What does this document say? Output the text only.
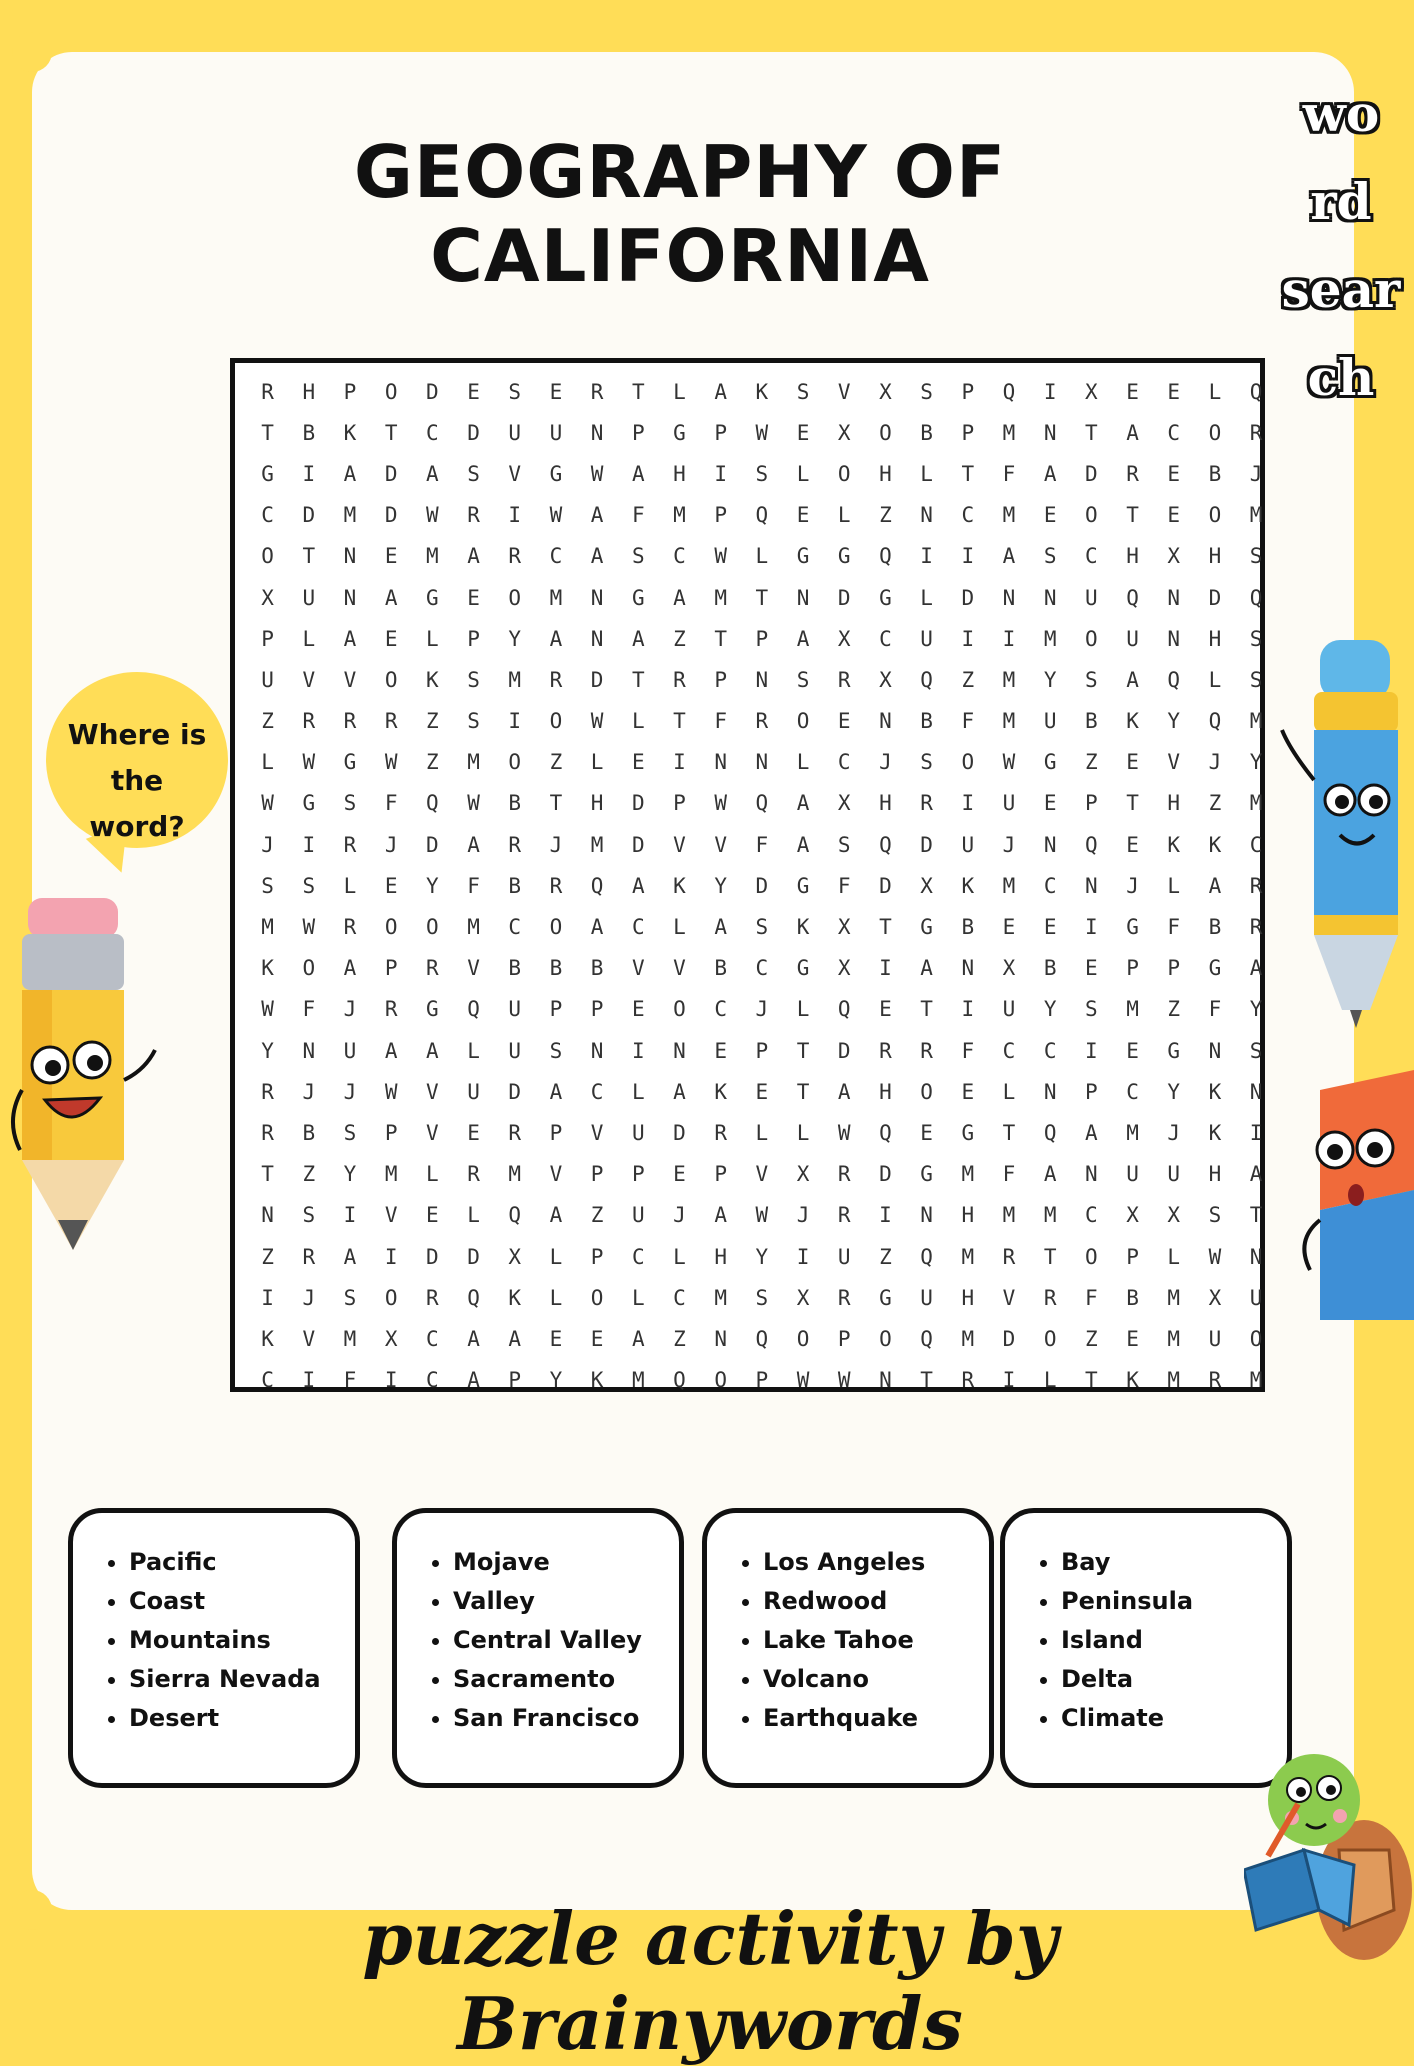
GEOGRAPHY OF CALIFORNIA
wo
rd
sear
ch
R	H	P	O	D	E	S	E	R	T	L	A	K	S	V	X	S	P	Q	I	X	E	E	L	Q
T	B	K	T	C	D	U	U	N	P	G	P	W	E	X	O	B	P	M	N	T	A	C	O	R
G	I	A	D	A	S	V	G	W	A	H	I	S	L	O	H	L	T	F	A	D	R	E	B	J
C	D	M	D	W	R	I	W	A	F	M	P	Q	E	L	Z	N	C	M	E	O	T	E	O	M
O	T	N	E	M	A	R	C	A	S	C	W	L	G	G	Q	I	I	A	S	C	H	X	H	S
X	U	N	A	G	E	O	M	N	G	A	M	T	N	D	G	L	D	N	N	U	Q	N	D	Q
P	L	A	E	L	P	Y	A	N	A	Z	T	P	A	X	C	U	I	I	M	O	U	N	H	S
U	V	V	O	K	S	M	R	D	T	R	P	N	S	R	X	Q	Z	M	Y	S	A	Q	L	S
Z	R	R	R	Z	S	I	O	W	L	T	F	R	O	E	N	B	F	M	U	B	K	Y	Q	M
L	W	G	W	Z	M	O	Z	L	E	I	N	N	L	C	J	S	O	W	G	Z	E	V	J	Y
W	G	S	F	Q	W	B	T	H	D	P	W	Q	A	X	H	R	I	U	E	P	T	H	Z	M
J	I	R	J	D	A	R	J	M	D	V	V	F	A	S	Q	D	U	J	N	Q	E	K	K	C
S	S	L	E	Y	F	B	R	Q	A	K	Y	D	G	F	D	X	K	M	C	N	J	L	A	R
M	W	R	O	O	M	C	O	A	C	L	A	S	K	X	T	G	B	E	E	I	G	F	B	R
K	O	A	P	R	V	B	B	B	V	V	B	C	G	X	I	A	N	X	B	E	P	P	G	A
W	F	J	R	G	Q	U	P	P	E	O	C	J	L	Q	E	T	I	U	Y	S	M	Z	F	Y
Y	N	U	A	A	L	U	S	N	I	N	E	P	T	D	R	R	F	C	C	I	E	G	N	S
R	J	J	W	V	U	D	A	C	L	A	K	E	T	A	H	O	E	L	N	P	C	Y	K	N
R	B	S	P	V	E	R	P	V	U	D	R	L	L	W	Q	E	G	T	Q	A	M	J	K	I
T	Z	Y	M	L	R	M	V	P	P	E	P	V	X	R	D	G	M	F	A	N	U	U	H	A
N	S	I	V	E	L	Q	A	Z	U	J	A	W	J	R	I	N	H	M	M	C	X	X	S	T
Z	R	A	I	D	D	X	L	P	C	L	H	Y	I	U	Z	Q	M	R	T	O	P	L	W	N
I	J	S	O	R	Q	K	L	O	L	C	M	S	X	R	G	U	H	V	R	F	B	M	X	U
K	V	M	X	C	A	A	E	E	A	Z	N	Q	O	P	O	Q	M	D	O	Z	E	M	U	O
C	I	F	I	C	A	P	Y	K	M	Q	O	P	W	W	N	T	R	I	L	T	K	M	R	M
Where is
the
word?
• Pacific
• Coast
• Mountains
• Sierra Nevada
• Desert
• Mojave
• Valley
• Central Valley
• Sacramento
• San Francisco
• Los Angeles
• Redwood
• Lake Tahoe
• Volcano
• Earthquake
• Bay
• Peninsula
• Island
• Delta
• Climate
puzzle activity by Brainywords
